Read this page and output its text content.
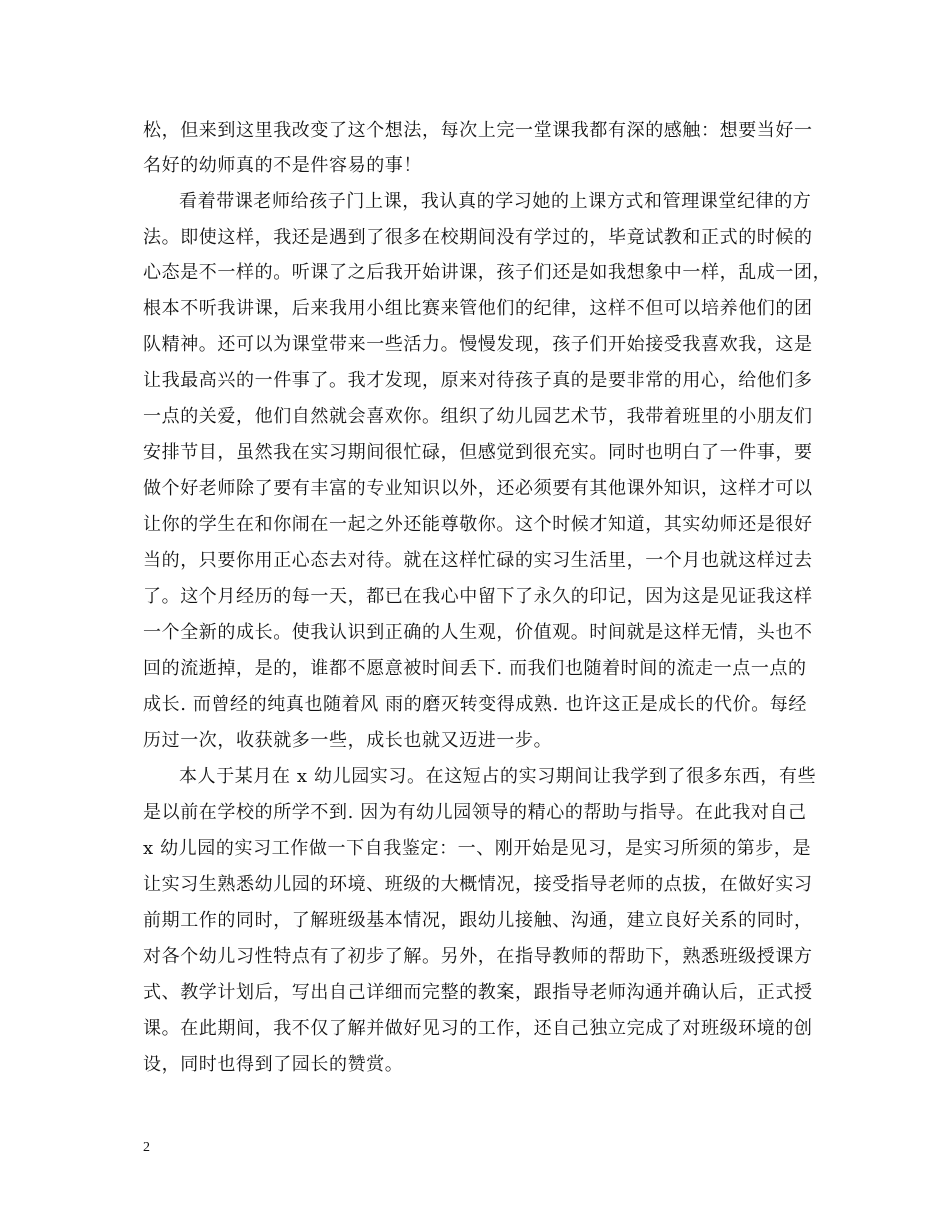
松，但来到这里我改变了这个想法，每次上完一堂课我都有深的感触：想要当好一
名好的幼师真的不是件容易的事！
看着带课老师给孩子门上课，我认真的学习她的上课方式和管理课堂纪律的方
法。即使这样，我还是遇到了很多在校期间没有学过的，毕竟试教和正式的时候的
心态是不一样的。听课了之后我开始讲课，孩子们还是如我想象中一样，乱成一团，
根本不听我讲课，后来我用小组比赛来管他们的纪律，这样不但可以培养他们的团
队精神。还可以为课堂带来一些活力。慢慢发现，孩子们开始接受我喜欢我，这是
让我最高兴的一件事了。我才发现，原来对待孩子真的是要非常的用心，给他们多
一点的关爱，他们自然就会喜欢你。组织了幼儿园艺术节，我带着班里的小朋友们
安排节目，虽然我在实习期间很忙碌，但感觉到很充实。同时也明白了一件事，要
做个好老师除了要有丰富的专业知识以外，还必须要有其他课外知识，这样才可以
让你的学生在和你闹在一起之外还能尊敬你。这个时候才知道，其实幼师还是很好
当的，只要你用正心态去对待。就在这样忙碌的实习生活里，一个月也就这样过去
了。这个月经历的每一天，都已在我心中留下了永久的印记，因为这是见证我这样
一个全新的成长。使我认识到正确的人生观，价值观。时间就是这样无情，头也不
回的流逝掉，是的，谁都不愿意被时间丢下. 而我们也随着时间的流走一点一点的
成长. 而曾经的纯真也随着风 雨的磨灭转变得成熟. 也许这正是成长的代价。每经
历过一次，收获就多一些，成长也就又迈进一步。
本人于某月在 x 幼儿园实习。在这短占的实习期间让我学到了很多东西，有些
是以前在学校的所学不到. 因为有幼儿园领导的精心的帮助与指导。在此我对自己
x 幼儿园的实习工作做一下自我鉴定：一、刚开始是见习，是实习所须的第步，是
让实习生熟悉幼儿园的环境、班级的大概情况，接受指导老师的点拔，在做好实习
前期工作的同时，了解班级基本情况，跟幼儿接触、沟通，建立良好关系的同时，
对各个幼儿习性特点有了初步了解。另外，在指导教师的帮助下，熟悉班级授课方
式、教学计划后，写出自己详细而完整的教案，跟指导老师沟通并确认后，正式授
课。在此期间，我不仅了解并做好见习的工作，还自己独立完成了对班级环境的创
设，同时也得到了园长的赞赏。
2
